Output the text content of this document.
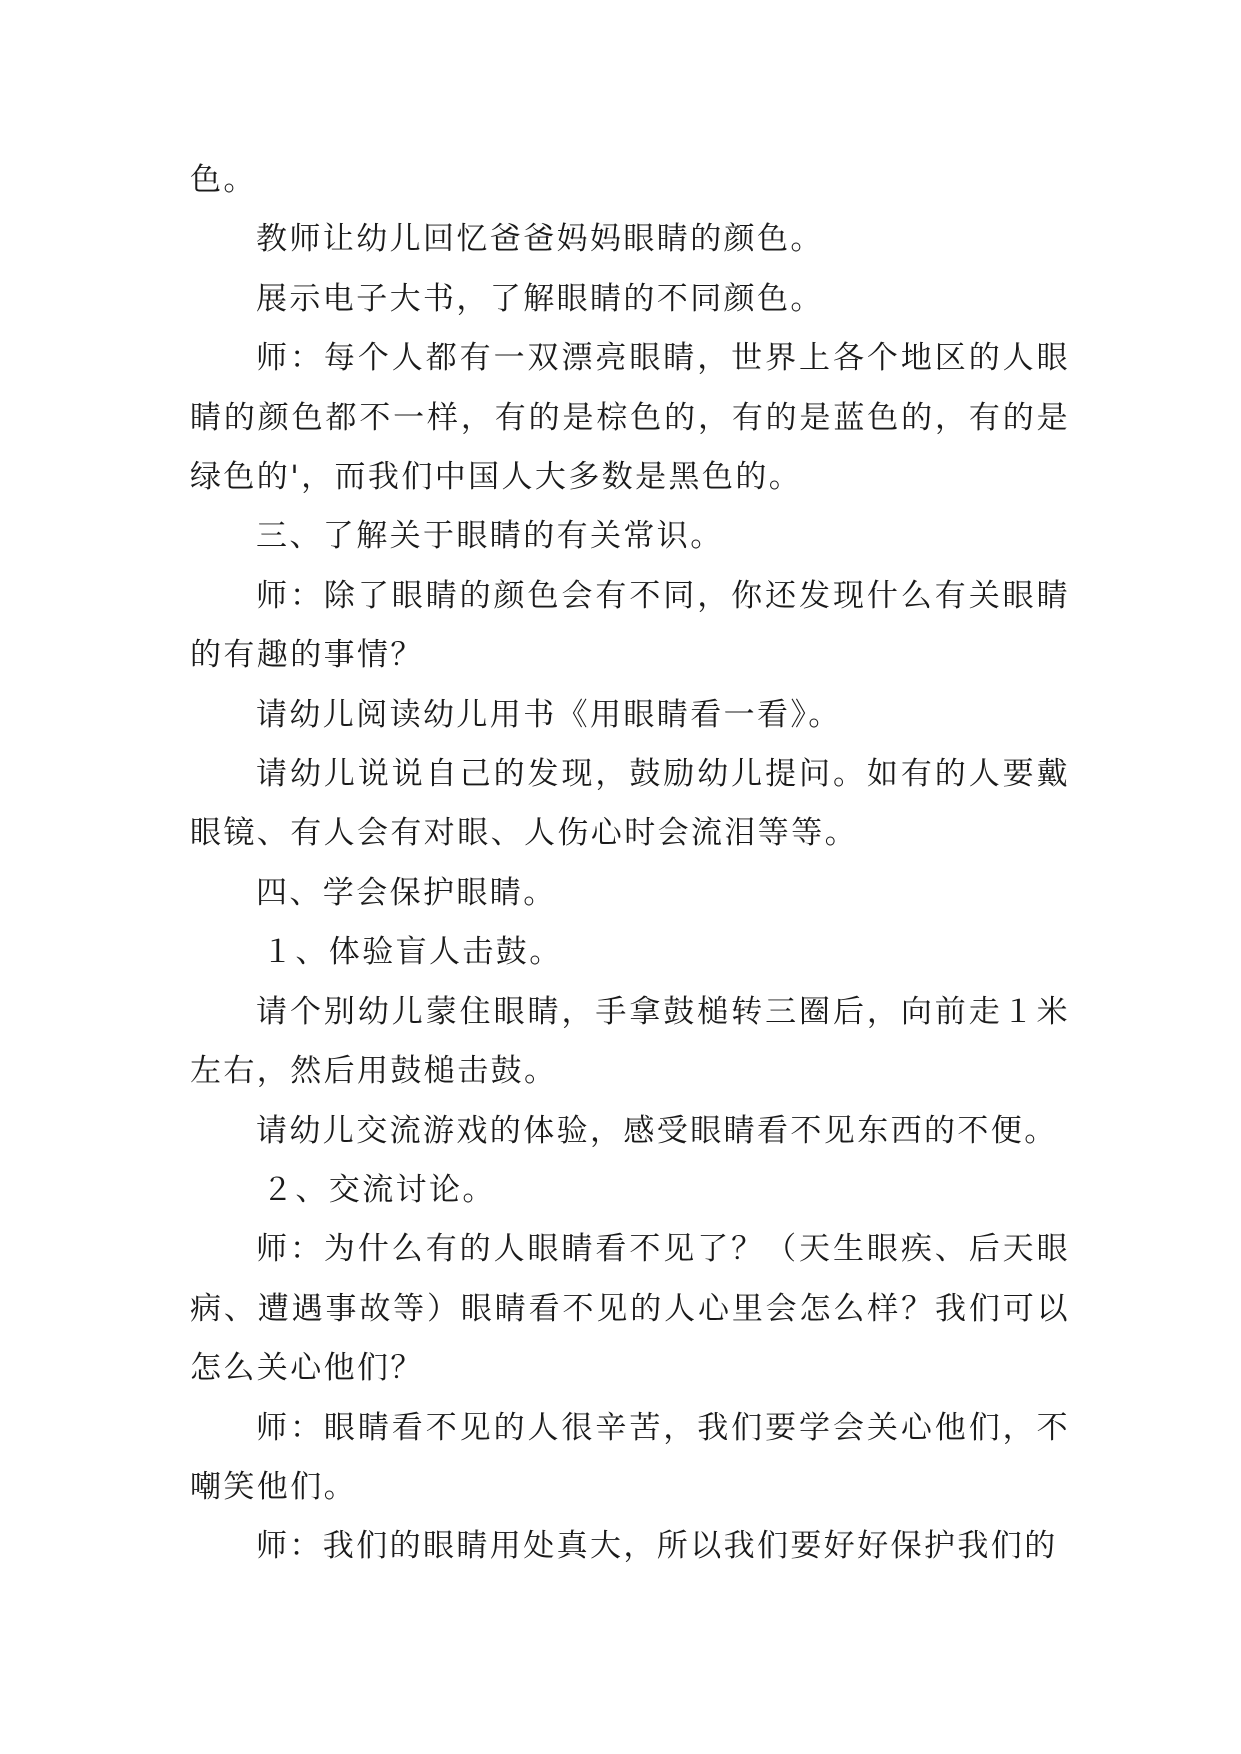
色。

教师让幼儿回忆爸爸妈妈眼睛的颜色。

展示电子大书，了解眼睛的不同颜色。

师：每个人都有一双漂亮眼睛，世界上各个地区的人眼睛的颜色都不一样，有的是棕色的，有的是蓝色的，有的是绿色的'，而我们中国人大多数是黑色的。

三、了解关于眼睛的有关常识。

师：除了眼睛的颜色会有不同，你还发现什么有关眼睛的有趣的事情？

请幼儿阅读幼儿用书《用眼睛看一看》。

请幼儿说说自己的发现，鼓励幼儿提问。如有的人要戴眼镜、有人会有对眼、人伤心时会流泪等等。

四、学会保护眼睛。

１、体验盲人击鼓。

请个别幼儿蒙住眼睛，手拿鼓槌转三圈后，向前走１米左右，然后用鼓槌击鼓。

请幼儿交流游戏的体验，感受眼睛看不见东西的不便。

２、交流讨论。

师：为什么有的人眼睛看不见了？（天生眼疾、后天眼病、遭遇事故等）眼睛看不见的人心里会怎么样？我们可以怎么关心他们？

师：眼睛看不见的人很辛苦，我们要学会关心他们，不嘲笑他们。

师：我们的眼睛用处真大，所以我们要好好保护我们的
